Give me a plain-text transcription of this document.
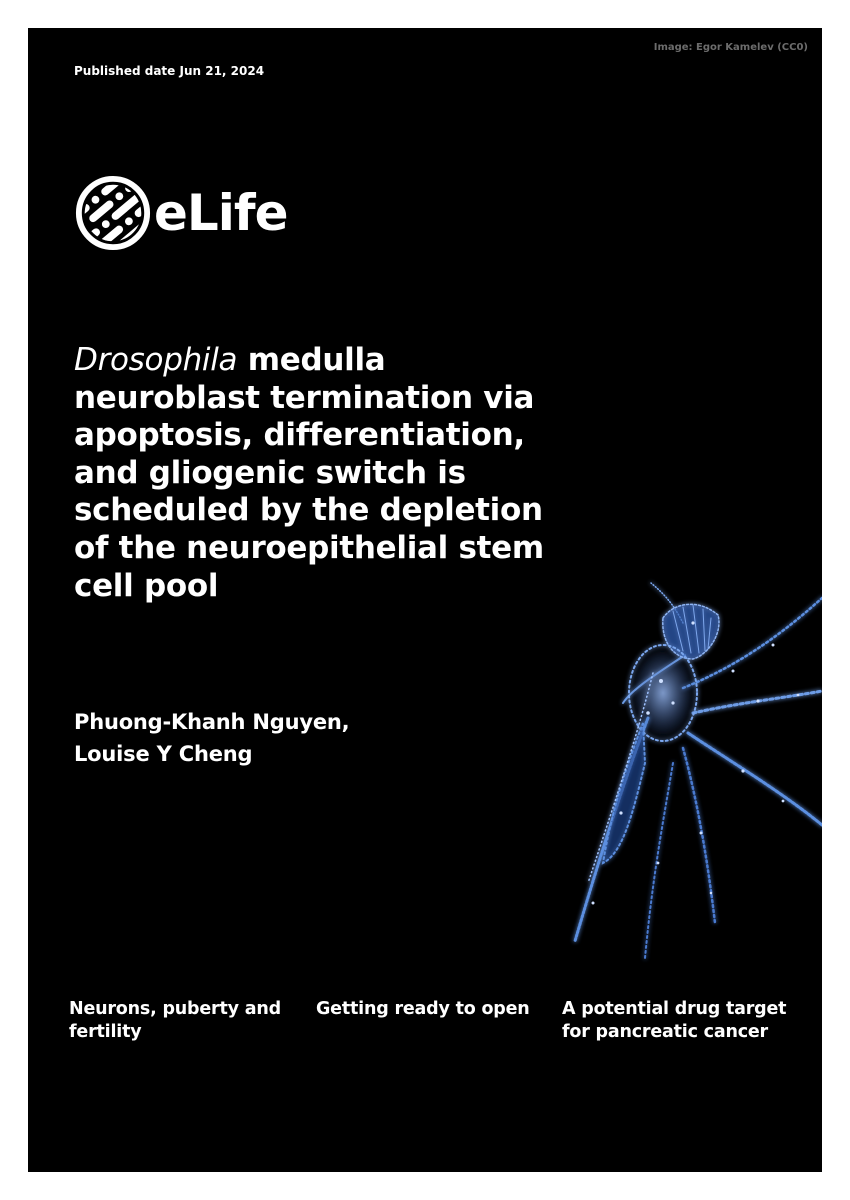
Image: Egor Kamelev (CC0)
Published date Jun 21, 2024
eLife
Drosophila medulla neuroblast termination via apoptosis, differentiation, and gliogenic switch is scheduled by the depletion of the neuroepithelial stem cell pool
Phuong-Khanh Nguyen,
Louise Y Cheng
Neurons, puberty and fertility
Getting ready to open	A potential drug target for pancreatic cancer
